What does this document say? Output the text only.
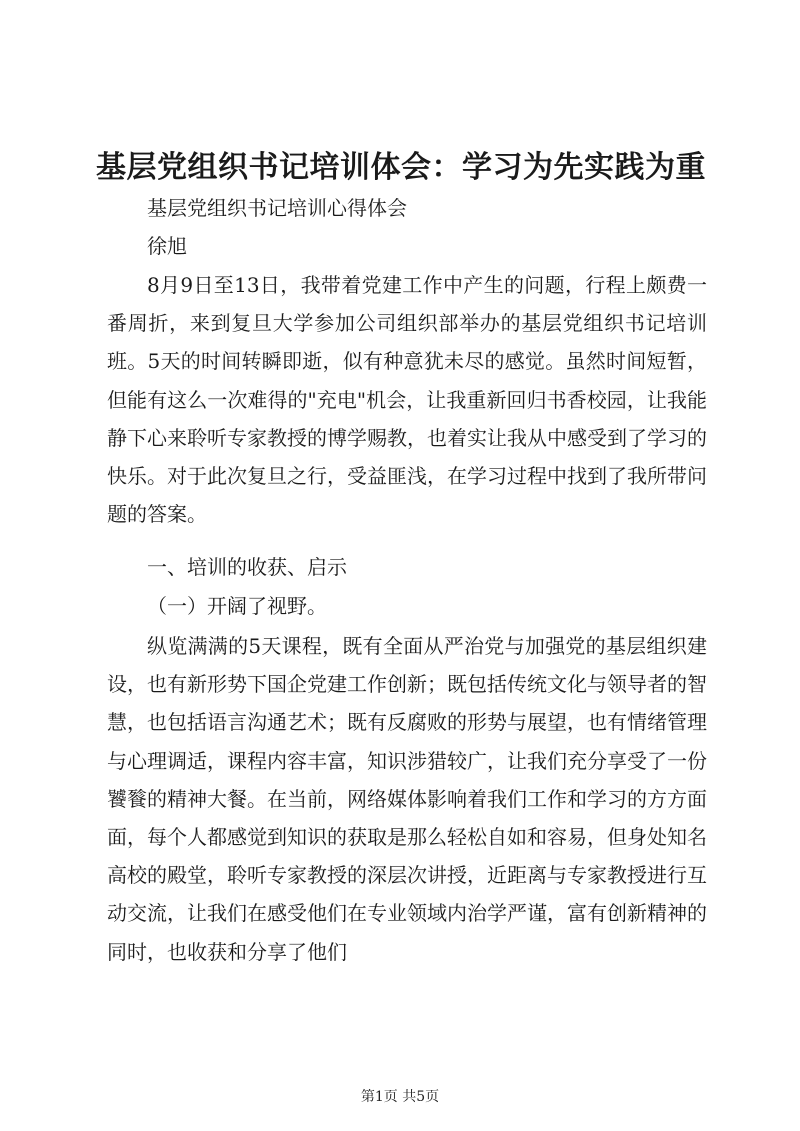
基层党组织书记培训体会：学习为先实践为重
基层党组织书记培训心得体会
徐旭
8月9日至13日，我带着党建工作中产生的问题，行程上颇费一番周折，来到复旦大学参加公司组织部举办的基层党组织书记培训班。5天的时间转瞬即逝，似有种意犹未尽的感觉。虽然时间短暂，但能有这么一次难得的"充电"机会，让我重新回归书香校园，让我能静下心来聆听专家教授的博学赐教，也着实让我从中感受到了学习的快乐。对于此次复旦之行，受益匪浅，在学习过程中找到了我所带问题的答案。
一、培训的收获、启示
（一）开阔了视野。
纵览满满的5天课程，既有全面从严治党与加强党的基层组织建设，也有新形势下国企党建工作创新；既包括传统文化与领导者的智慧，也包括语言沟通艺术；既有反腐败的形势与展望，也有情绪管理与心理调适，课程内容丰富，知识涉猎较广，让我们充分享受了一份饕餮的精神大餐。在当前，网络媒体影响着我们工作和学习的方方面面，每个人都感觉到知识的获取是那么轻松自如和容易，但身处知名高校的殿堂，聆听专家教授的深层次讲授，近距离与专家教授进行互动交流，让我们在感受他们在专业领域内治学严谨，富有创新精神的同时，也收获和分享了他们
第1页 共5页
